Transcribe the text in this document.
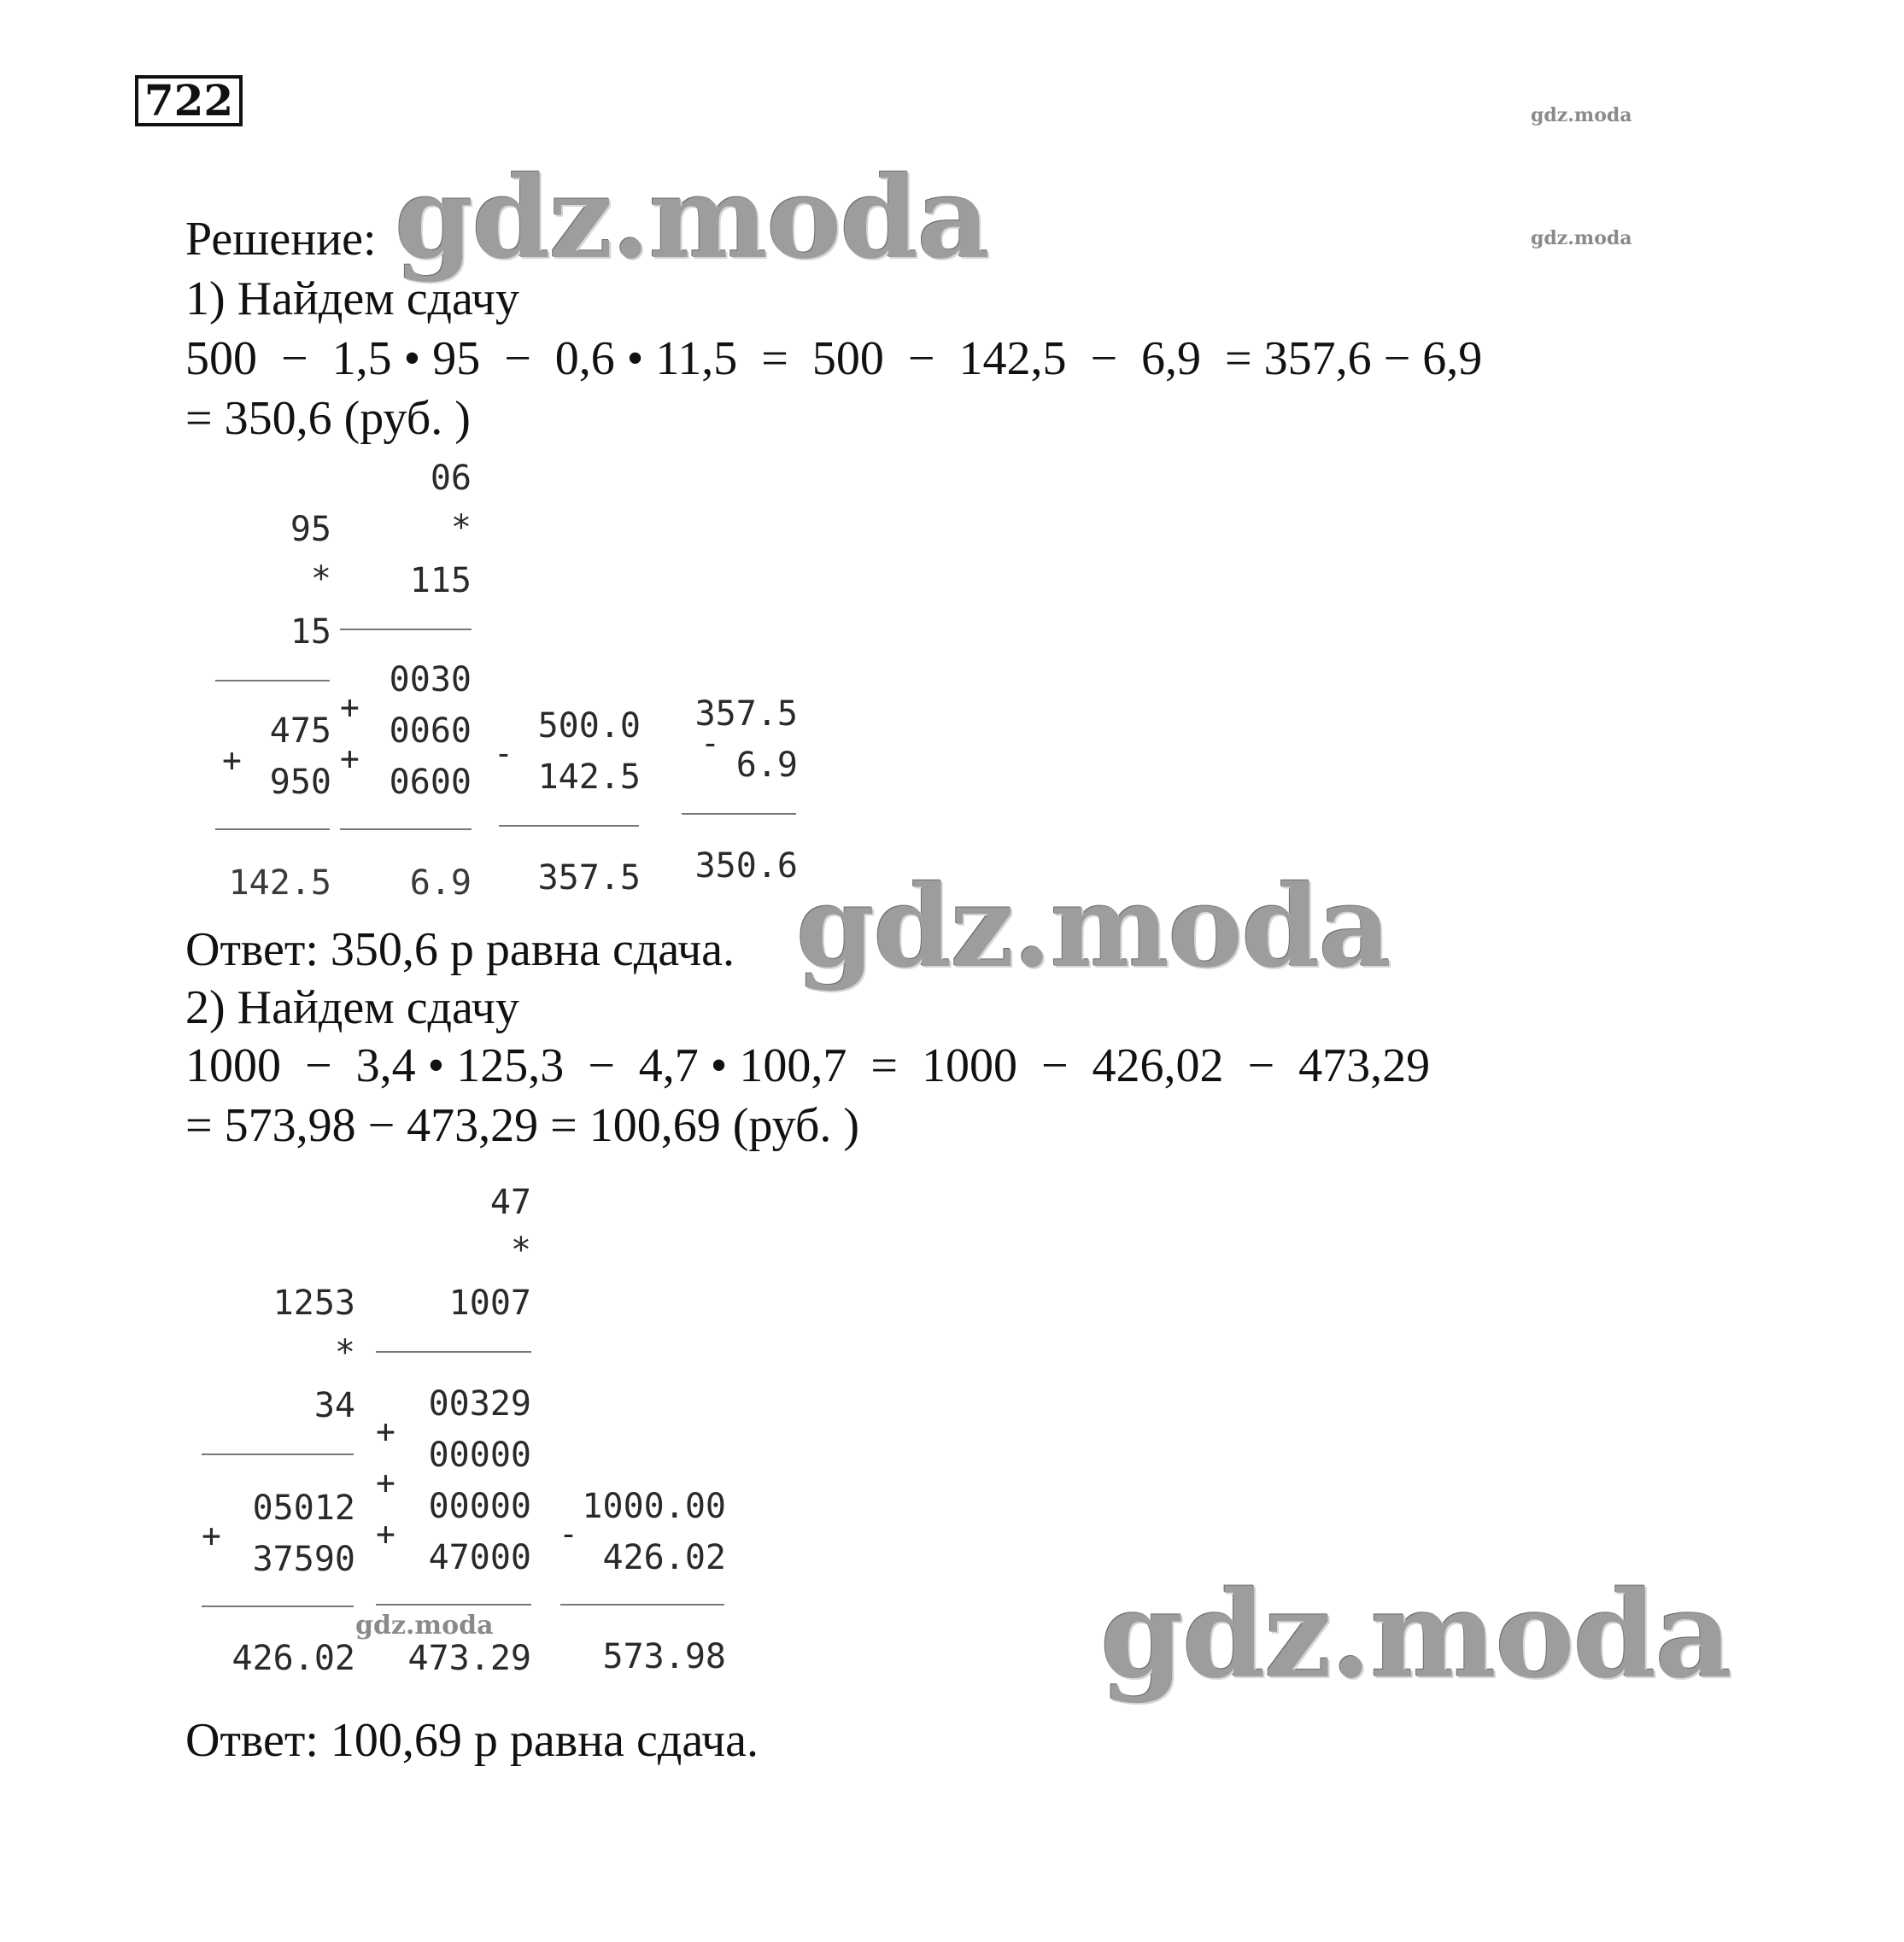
722	gdz.moda
gdz.moda
Решение: gdz.moda
1) Найдем сдачу
500  −  1,5 • 95  −  0,6 • 11,5  =  500  −  142,5  −  6,9  = 357,6 − 6,9
= 350,6 (руб. )
95
*
15
475
+
950
142.5
06
*
115
0030
+
0060
+
0600
6.9
500.0
-
142.5
357.5
357.5
-
6.9
350.6
Ответ: 350,6 р равна сдача. gdz.moda
2) Найдем сдачу
1000  −  3,4 • 125,3  −  4,7 • 100,7  =  1000  −  426,02  −  473,29
= 573,98 − 473,29 = 100,69 (руб. )
1253
*
34
05012
+
37590
426.02
47
*
1007
00329
+
00000
+
00000
+
47000
473.29
gdz.moda
1000.00
-
426.02
573.98	gdz.moda
Ответ: 100,69 р равна сдача.
